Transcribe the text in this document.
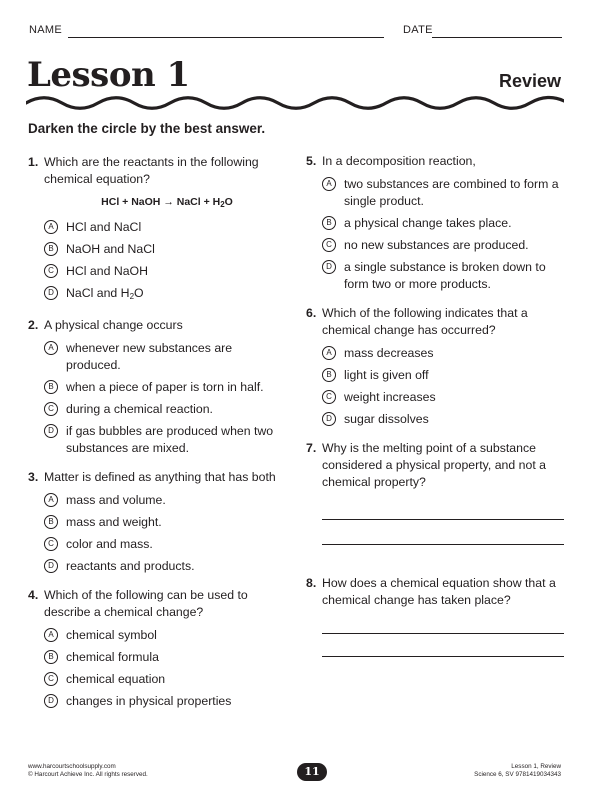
NAME	DATE
Lesson 1	Review
Darken the circle by the best answer.
1. Which are the reactants in the following chemical equation?
HCl + NaOH → NaCl + $H_2O$
A	HCl and NaCl
B	NaOH and NaCl
C HCl and NaOH
D NaCl and $H_2O$
2. A physical change occurs
A	whenever new substances are produced.
B	when a piece of paper is torn in half.
C during a chemical reaction.
D if gas bubbles are produced when two substances are mixed.
3. Matter is defined as anything that has both
A	mass and volume.
B	mass and weight.
C color and mass.
D reactants and products.
4. Which of the following can be used to describe a chemical change?
A	chemical symbol
B	chemical formula
C chemical equation
D changes in physical properties
5. In a decomposition reaction,
A	two substances are combined to form a single product.
B	a physical change takes place.
C no new substances are produced.
D a single substance is broken down to form two or more products.
6. Which of the following indicates that a chemical change has occurred?
A	mass decreases
B	light is given off
C weight increases
D sugar dissolves
7. Why is the melting point of a substance considered a physical property, and not a chemical property?
8. How does a chemical equation show that a chemical change has taken place?
www.harcourtschoolsupply.com
© Harcourt Achieve Inc. All rights reserved.	11	Lesson 1, Review
Science 6, SV 9781419034343
